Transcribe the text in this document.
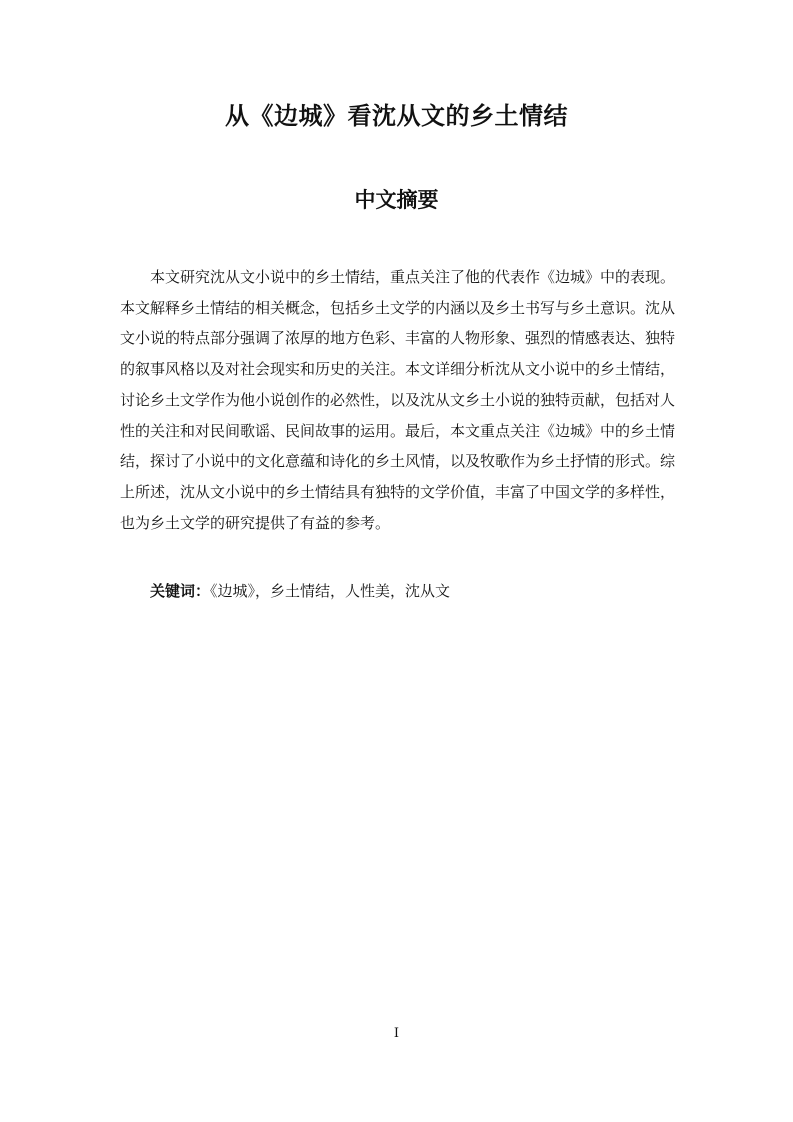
从《边城》看沈从文的乡土情结
中文摘要

本文研究沈从文小说中的乡土情结，重点关注了他的代表作《边城》中的表现。本文解释乡土情结的相关概念，包括乡土文学的内涵以及乡土书写与乡土意识。沈从文小说的特点部分强调了浓厚的地方色彩、丰富的人物形象、强烈的情感表达、独特的叙事风格以及对社会现实和历史的关注。本文详细分析沈从文小说中的乡土情结，讨论乡土文学作为他小说创作的必然性，以及沈从文乡土小说的独特贡献，包括对人性的关注和对民间歌谣、民间故事的运用。最后，本文重点关注《边城》中的乡土情结，探讨了小说中的文化意蕴和诗化的乡土风情，以及牧歌作为乡土抒情的形式。综上所述，沈从文小说中的乡土情结具有独特的文学价值，丰富了中国文学的多样性，也为乡土文学的研究提供了有益的参考。

关键词：《边城》，乡土情结，人性美，沈从文

I
